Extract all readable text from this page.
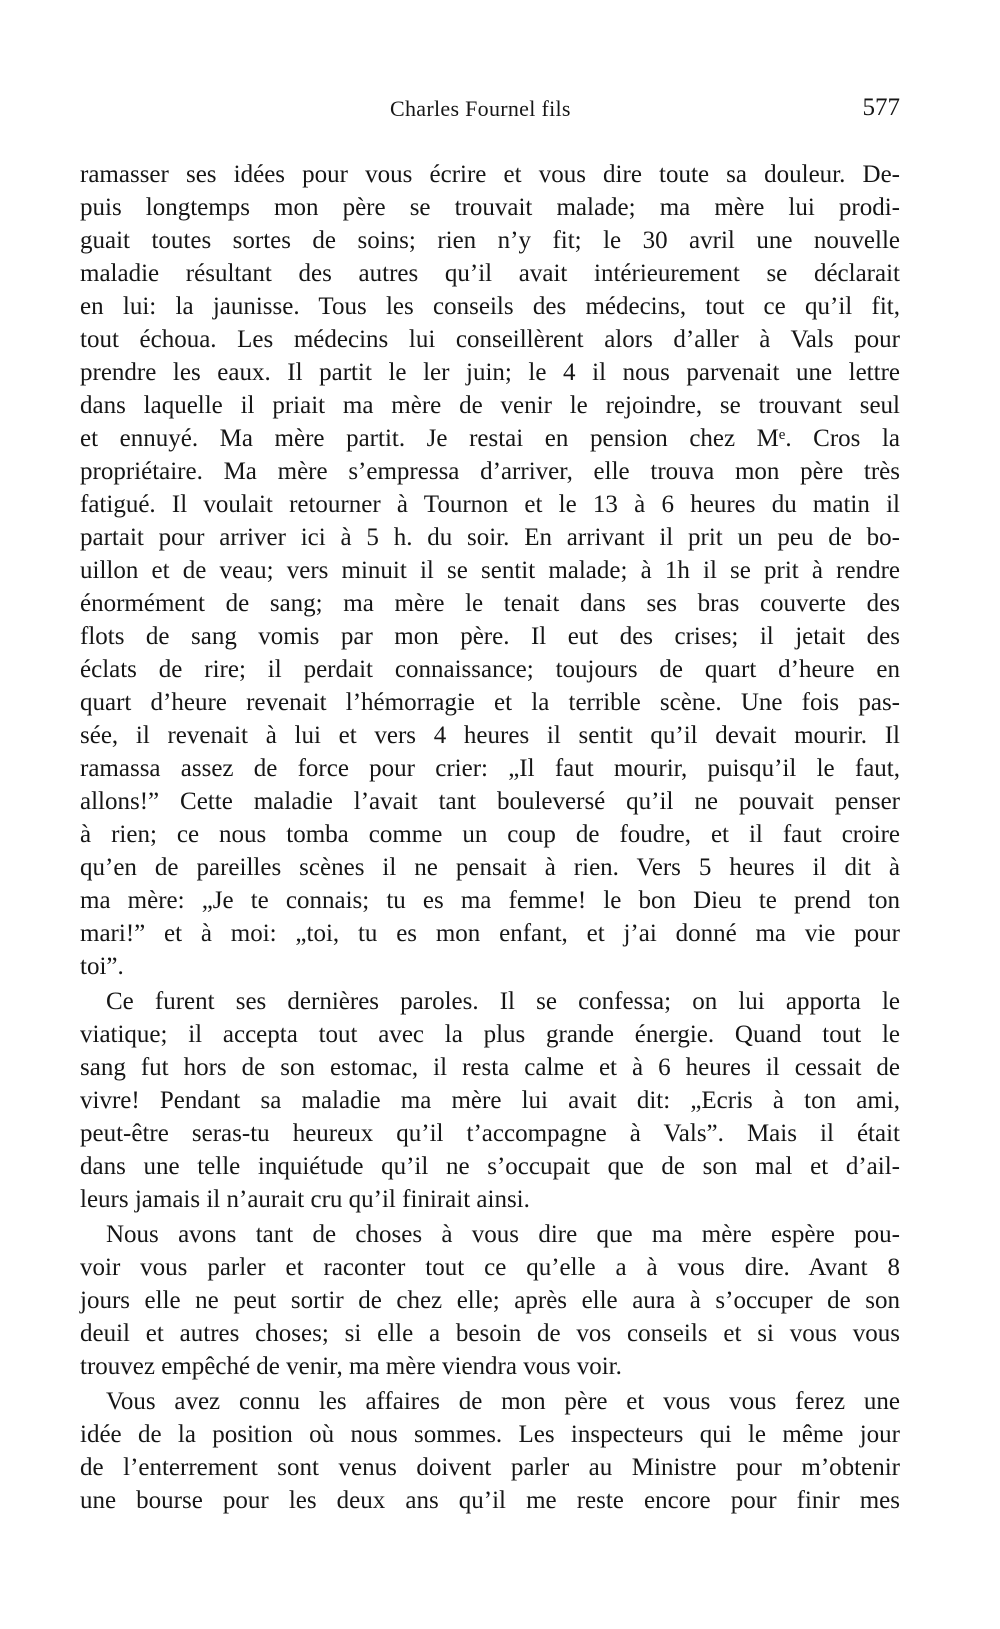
Charles Fournel fils	577
ramasser ses idées pour vous écrire et vous dire toute sa douleur. De-
puis longtemps mon père se trouvait malade; ma mère lui prodi-
guait toutes sortes de soins; rien n’y fit; le 30 avril une nouvelle
maladie résultant des autres qu’il avait intérieurement se déclarait
en lui: la jaunisse. Tous les conseils des médecins, tout ce qu’il fit,
tout échoua. Les médecins lui conseillèrent alors d’aller à Vals pour
prendre les eaux. Il partit le ler juin; le 4 il nous parvenait une lettre
dans laquelle il priait ma mère de venir le rejoindre, se trouvant seul
et ennuyé. Ma mère partit. Je restai en pension chez Mᵉ. Cros la
propriétaire. Ma mère s’empressa d’arriver, elle trouva mon père très
fatigué. Il voulait retourner à Tournon et le 13 à 6 heures du matin il
partait pour arriver ici à 5 h. du soir. En arrivant il prit un peu de bo-
uillon et de veau; vers minuit il se sentit malade; à 1h il se prit à rendre
énormément de sang; ma mère le tenait dans ses bras couverte des
flots de sang vomis par mon père. Il eut des crises; il jetait des
éclats de rire; il perdait connaissance; toujours de quart d’heure en
quart d’heure revenait l’hémorragie et la terrible scène. Une fois pas-
sée, il revenait à lui et vers 4 heures il sentit qu’il devait mourir. Il
ramassa assez de force pour crier: „Il faut mourir, puisqu’il le faut,
allons!” Cette maladie l’avait tant bouleversé qu’il ne pouvait penser
à rien; ce nous tomba comme un coup de foudre, et il faut croire
qu’en de pareilles scènes il ne pensait à rien. Vers 5 heures il dit à
ma mère: „Je te connais; tu es ma femme! le bon Dieu te prend ton
mari!” et à moi: „toi, tu es mon enfant, et j’ai donné ma vie pour
toi”.
Ce furent ses dernières paroles. Il se confessa; on lui apporta le
viatique; il accepta tout avec la plus grande énergie. Quand tout le
sang fut hors de son estomac, il resta calme et à 6 heures il cessait de
vivre! Pendant sa maladie ma mère lui avait dit: „Ecris à ton ami,
peut-être seras-tu heureux qu’il t’accompagne à Vals”. Mais il était
dans une telle inquiétude qu’il ne s’occupait que de son mal et d’ail-
leurs jamais il n’aurait cru qu’il finirait ainsi.
Nous avons tant de choses à vous dire que ma mère espère pou-
voir vous parler et raconter tout ce qu’elle a à vous dire. Avant 8
jours elle ne peut sortir de chez elle; après elle aura à s’occuper de son
deuil et autres choses; si elle a besoin de vos conseils et si vous vous
trouvez empêché de venir, ma mère viendra vous voir.
Vous avez connu les affaires de mon père et vous vous ferez une
idée de la position où nous sommes. Les inspecteurs qui le même jour
de l’enterrement sont venus doivent parler au Ministre pour m’obtenir
une bourse pour les deux ans qu’il me reste encore pour finir mes
